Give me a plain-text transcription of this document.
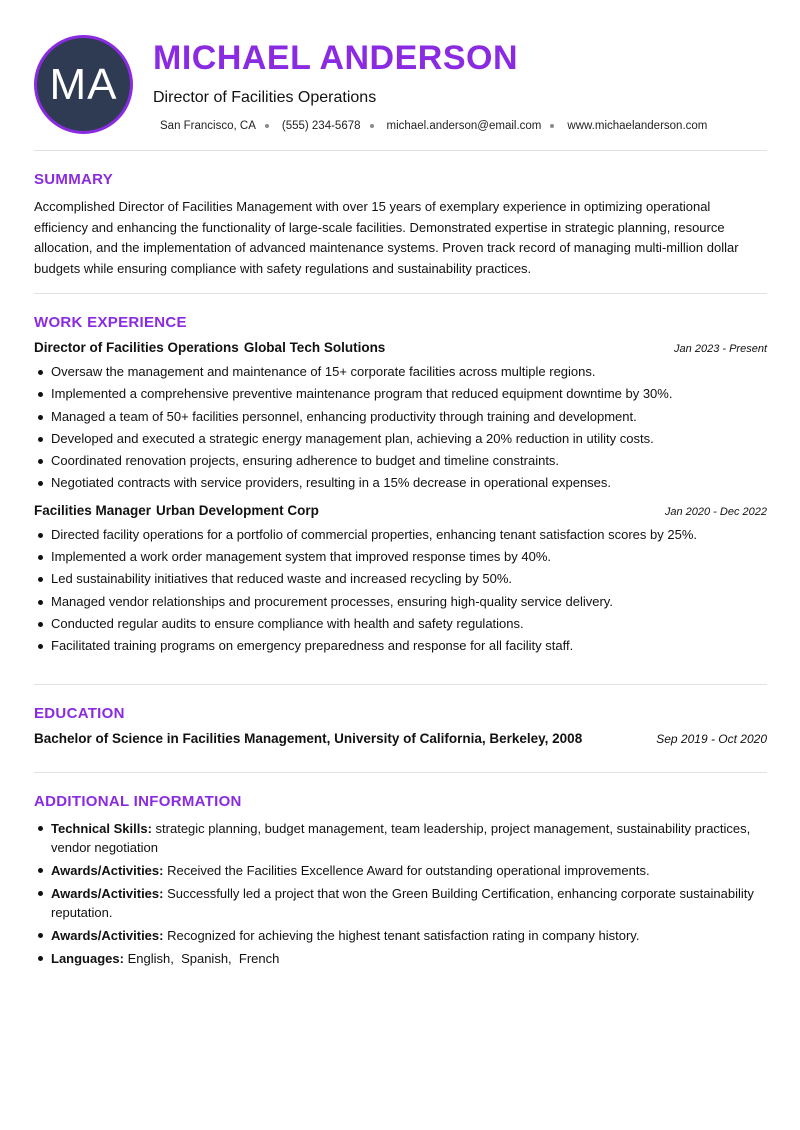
MA
MICHAEL ANDERSON
Director of Facilities Operations
San Francisco, CA (555) 234-5678 michael.anderson@email.com www.michaelanderson.com
SUMMARY

Accomplished Director of Facilities Management with over 15 years of exemplary experience in optimizing operational efficiency and enhancing the functionality of large-scale facilities. Demonstrated expertise in strategic planning, resource allocation, and the implementation of advanced maintenance systems. Proven track record of managing multi-million dollar budgets while ensuring compliance with safety regulations and sustainability practices.

WORK EXPERIENCE
Director of Facilities Operations Global Tech Solutions	Jan 2023 - Present
Oversaw the management and maintenance of 15+ corporate facilities across multiple regions.
Implemented a comprehensive preventive maintenance program that reduced equipment downtime by 30%.
Managed a team of 50+ facilities personnel, enhancing productivity through training and development.
Developed and executed a strategic energy management plan, achieving a 20% reduction in utility costs.
Coordinated renovation projects, ensuring adherence to budget and timeline constraints.
Negotiated contracts with service providers, resulting in a 15% decrease in operational expenses.
Facilities Manager Urban Development Corp	Jan 2020 - Dec 2022
Directed facility operations for a portfolio of commercial properties, enhancing tenant satisfaction scores by 25%.
Implemented a work order management system that improved response times by 40%.
Led sustainability initiatives that reduced waste and increased recycling by 50%.
Managed vendor relationships and procurement processes, ensuring high-quality service delivery.
Conducted regular audits to ensure compliance with health and safety regulations.
Facilitated training programs on emergency preparedness and response for all facility staff.
EDUCATION
Bachelor of Science in Facilities Management, University of California, Berkeley, 2008	Sep 2019 - Oct 2020
ADDITIONAL INFORMATION
Technical Skills: strategic planning, budget management, team leadership, project management, sustainability practices, vendor negotiation
Awards/Activities: Received the Facilities Excellence Award for outstanding operational improvements.
Awards/Activities: Successfully led a project that won the Green Building Certification, enhancing corporate sustainability reputation.
Awards/Activities: Recognized for achieving the highest tenant satisfaction rating in company history.
Languages: English,  Spanish,  French
